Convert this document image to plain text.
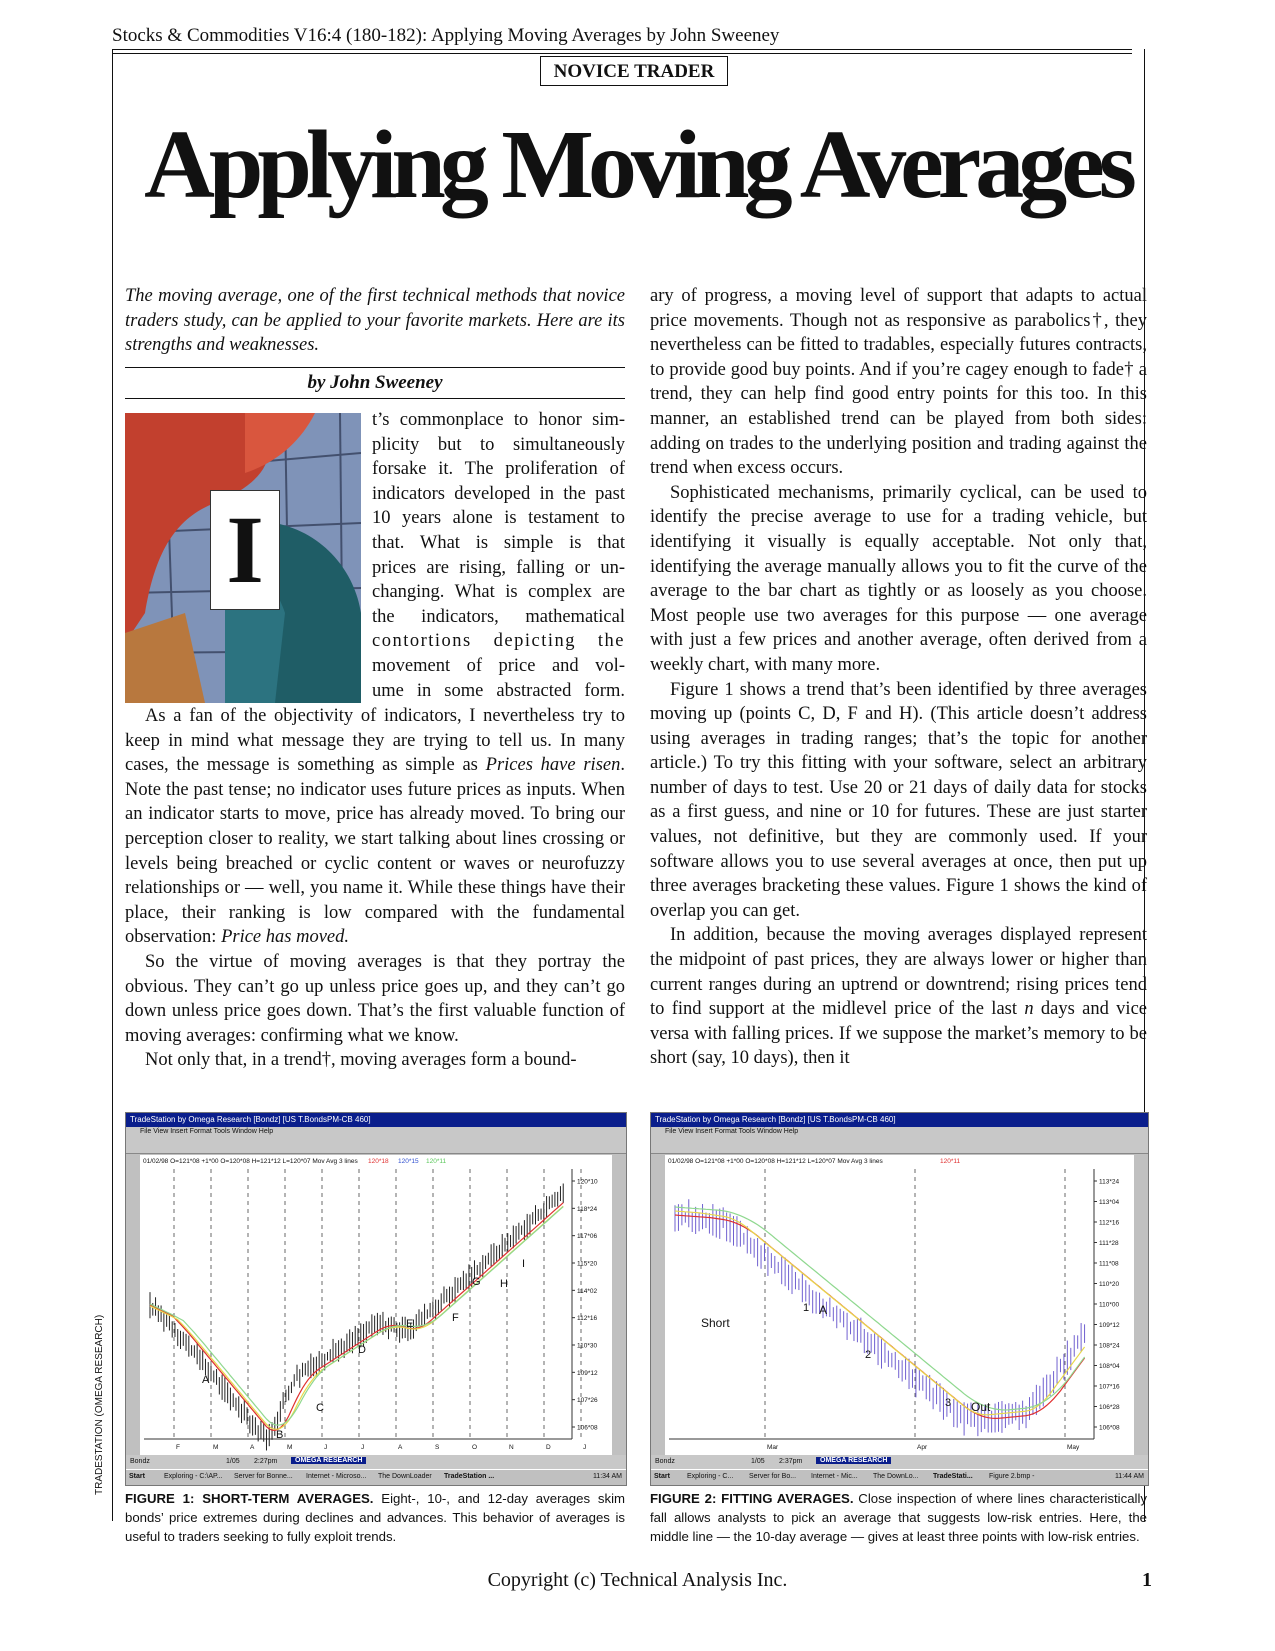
Stocks & Commodities V16:4 (180-182): Applying Moving Averages by John Sweeney
NOVICE TRADER
Applying Moving Averages
The moving average, one of the first technical methods that novice traders study, can be applied to your favorite markets. Here are its strengths and weaknesses.
by John Sweeney
I
t’s commonplace to honor sim-
plicity but to simultaneously
forsake it. The proliferation of
indicators developed in the past
10 years alone is testament to
that. What is simple is that
prices are rising, falling or un-
changing. What is complex are
the indicators, mathematical
contortions depicting the
movement of price and vol-
ume in some abstracted form.

As a fan of the objectivity of indicators, I nevertheless try to keep in mind what message they are trying to tell us. In many cases, the message is something as simple as Prices have risen. Note the past tense; no indicator uses future prices as inputs. When an indicator starts to move, price has already moved. To bring our perception closer to reality, we start talking about lines crossing or levels being breached or cyclic content or waves or neurofuzzy relationships or — well, you name it. While these things have their place, their ranking is low compared with the fundamental observation: Price has moved.

So the virtue of moving averages is that they portray the obvious. They can’t go up unless price goes up, and they can’t go down unless price goes down. That’s the first valuable function of moving averages: confirming what we know.

Not only that, in a trend†, moving averages form a bound-

ary of progress, a moving level of support that adapts to actual price movements. Though not as responsive as parabolics†, they nevertheless can be fitted to tradables, especially futures contracts, to provide good buy points. And if you’re cagey enough to fade† a trend, they can help find good entry points for this too. In this manner, an established trend can be played from both sides: adding on trades to the underlying position and trading against the trend when excess occurs.

Sophisticated mechanisms, primarily cyclical, can be used to identify the precise average to use for a trading vehicle, but identifying it visually is equally acceptable. Not only that, identifying the average manually allows you to fit the curve of the average to the bar chart as tightly or as loosely as you choose. Most people use two averages for this purpose — one average with just a few prices and another average, often derived from a weekly chart, with many more.

Figure 1 shows a trend that’s been identified by three averages moving up (points C, D, F and H). (This article doesn’t address using averages in trading ranges; that’s the topic for another article.) To try this fitting with your software, select an arbitrary number of days to test. Use 20 or 21 days of daily data for stocks as a first guess, and nine or 10 for futures. These are just starter values, not definitive, but they are commonly used. If your software allows you to use several averages at once, then put up three averages bracketing these values. Figure 1 shows the kind of overlap you can get.

In addition, because the moving averages displayed represent the midpoint of past prices, they are always lower or higher than current ranges during an uptrend or downtrend; rising prices tend to find support at the midlevel price of the last n days and vice versa with falling prices. If we suppose the market’s memory to be short (say, 10 days), then it

TradeStation by Omega Research [Bondz] [US T.BondsPM-CB 460]
File View Insert Format Tools Window Help
01/02/98 O=121*08 +1*00 O=120*08 H=121*12 L=120*07 Mov Avg 3 lines 120*18 120*15 120*11
120*10
118*24
117*06
115*20
114*02
112*16
110*30
109*12
107*26
106*08
F	M	A	M	J	J	A	S	O	N	D	J
A
B
C
D
E	F
G H
I
Bondz	1/05 2:27pm	OMEGA RESEARCH
Start	Exploring - C:\AP... Server for Bonne... Internet - Microso... The DownLoader TradeStation ...	11:34 AM
FIGURE 1: SHORT-TERM AVERAGES. Eight-, 10-, and 12-day averages skim bonds’ price extremes during declines and advances. This behavior of averages is useful to traders seeking to fully exploit trends.
TradeStation by Omega Research [Bondz] [US T.BondsPM-CB 460]
File View Insert Format Tools Window Help
01/02/98 O=121*08 +1*00 O=120*08 H=121*12 L=120*07 Mov Avg 3 lines	120*11
113*24
113*04
112*16
111*28
111*08
110*20
110*00
109*12
108*24
108*04
107*16
106*28
106*08
Mar	Apr	May
Short
1 A
2
3 Out
Bondz	1/05 2:37pm	OMEGA RESEARCH
Start Exploring - C... Server for Bo... Internet - Mic... The DownLo... TradeStati... Figure 2.bmp -	11:44 AM
FIGURE 2: FITTING AVERAGES. Close inspection of where lines characteristically fall allows analysts to pick an average that suggests low-risk entries. Here, the middle line — the 10-day average — gives at least three points with low-risk entries.
TRADESTATION (OMEGA RESEARCH)
Copyright (c) Technical Analysis Inc.	1
